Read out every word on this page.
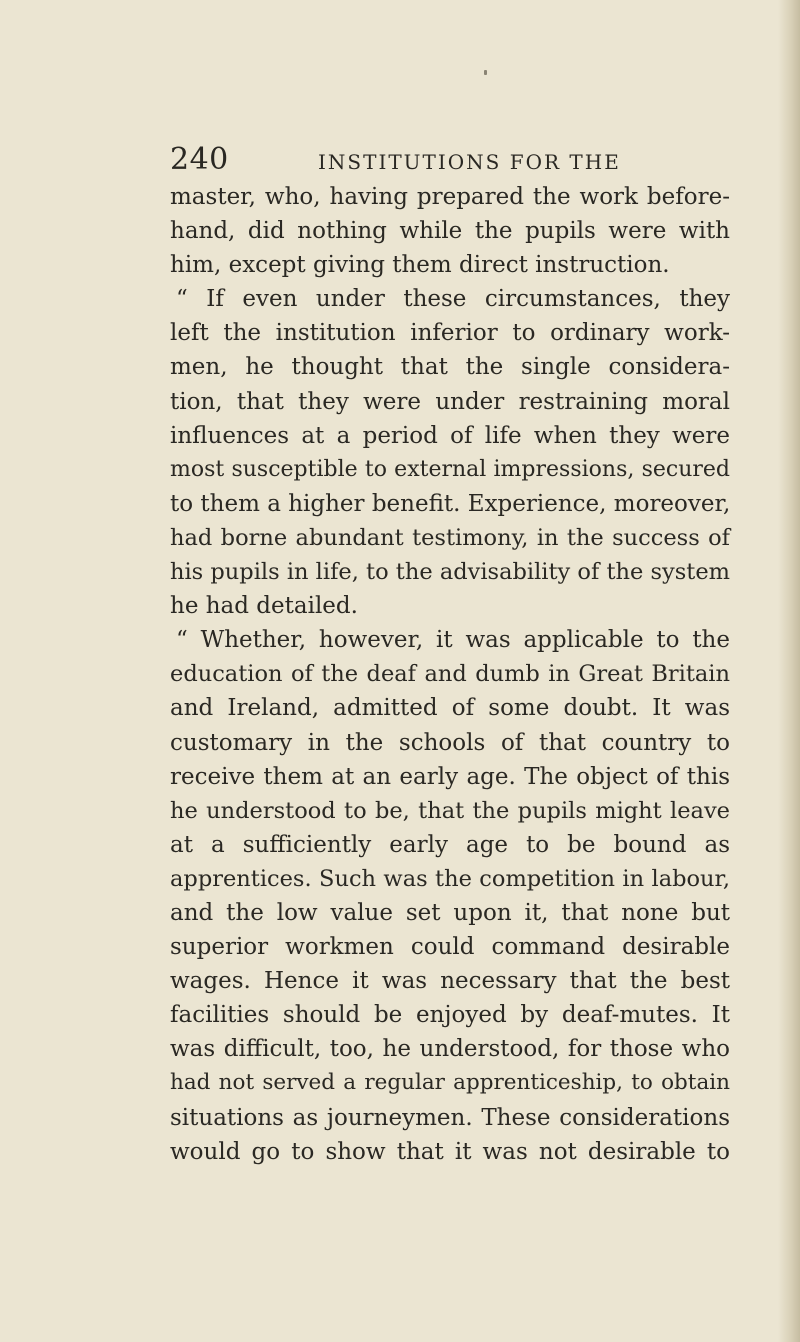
240	INSTITUTIONS FOR THE
master, who, having prepared the work before-
hand, did nothing while the pupils were with
him, except giving them direct instruction.
“ If even under these circumstances, they
left the institution inferior to ordinary work-
men, he thought that the single considera-
tion, that they were under restraining moral
influences at a period of life when they were
most susceptible to external impressions, secured
to them a higher benefit. Experience, moreover,
had borne abundant testimony, in the success of
his pupils in life, to the advisability of the system
he had detailed.
“ Whether, however, it was applicable to the
education of the deaf and dumb in Great Britain
and Ireland, admitted of some doubt. It was
customary in the schools of that country to
receive them at an early age. The object of this
he understood to be, that the pupils might leave
at a sufficiently early age to be bound as
apprentices. Such was the competition in labour,
and the low value set upon it, that none but
superior workmen could command desirable
wages. Hence it was necessary that the best
facilities should be enjoyed by deaf-mutes. It
was difficult, too, he understood, for those who
had not served a regular apprenticeship, to obtain
situations as journeymen. These considerations
would go to show that it was not desirable to
